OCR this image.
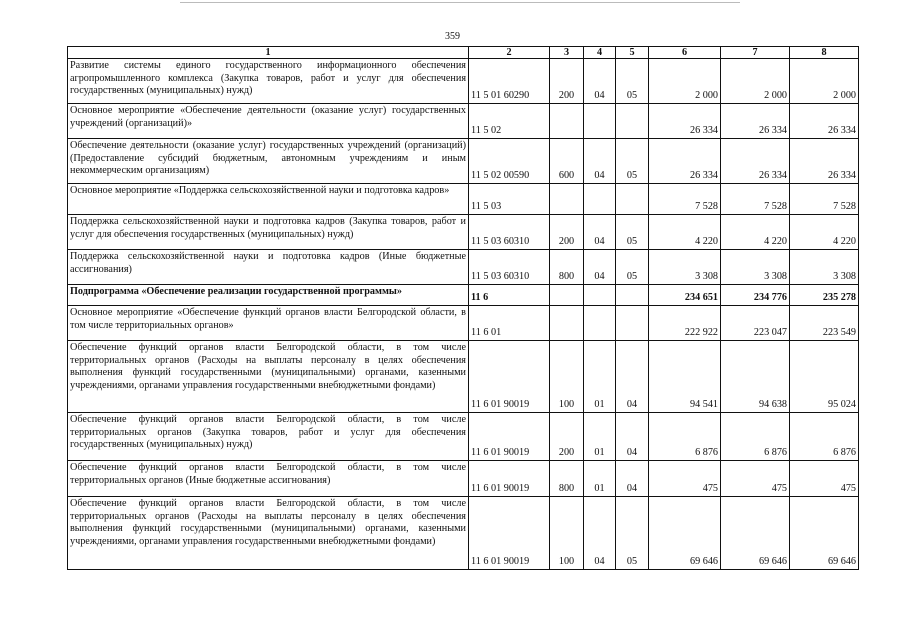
359
1	2	3	4	5	6	7	8
Развитие системы единого государственного информационного обеспечения агропромышленного комплекса (Закупка товаров, работ и услуг для обеспечения государственных (муниципальных) нужд)	11 5 01 60290	200	04	05	2 000	2 000	2 000
Основное мероприятие «Обеспечение деятельности (оказание услуг) государственных учреждений (организаций)»	11 5 02				26 334	26 334	26 334
Обеспечение деятельности (оказание услуг) государственных учреждений (организаций) (Предоставление субсидий бюджетным, автономным учреждениям и иным некоммерческим организациям)	11 5 02 00590	600	04	05	26 334	26 334	26 334
Основное мероприятие «Поддержка сельскохозяйственной науки и подготовка кадров»	11 5 03				7 528	7 528	7 528
Поддержка сельскохозяйственной науки и подготовка кадров (Закупка товаров, работ и услуг для обеспечения государственных (муниципальных) нужд)	11 5 03 60310	200	04	05	4 220	4 220	4 220
Поддержка сельскохозяйственной науки и подготовка кадров (Иные бюджетные ассигнования)	11 5 03 60310	800	04	05	3 308	3 308	3 308
Подпрограмма «Обеспечение реализации государственной программы»	11 6				234 651	234 776	235 278
Основное мероприятие «Обеспечение функций органов власти Белгородской области, в том числе территориальных органов»	11 6 01				222 922	223 047	223 549
Обеспечение функций органов власти Белгородской области, в том числе территориальных органов (Расходы на выплаты персоналу в целях обеспечения выполнения функций государственными (муниципальными) органами, казенными учреждениями, органами управления государственными внебюджетными фондами)	11 6 01 90019	100	01	04	94 541	94 638	95 024
Обеспечение функций органов власти Белгородской области, в том числе территориальных органов (Закупка товаров, работ и услуг для обеспечения государственных (муниципальных) нужд)	11 6 01 90019	200	01	04	6 876	6 876	6 876
Обеспечение функций органов власти Белгородской области, в том числе территориальных органов (Иные бюджетные ассигнования)	11 6 01 90019	800	01	04	475	475	475
Обеспечение функций органов власти Белгородской области, в том числе территориальных органов (Расходы на выплаты персоналу в целях обеспечения выполнения функций государственными (муниципальными) органами, казенными учреждениями, органами управления государственными внебюджетными фондами)	11 6 01 90019	100	04	05	69 646	69 646	69 646
